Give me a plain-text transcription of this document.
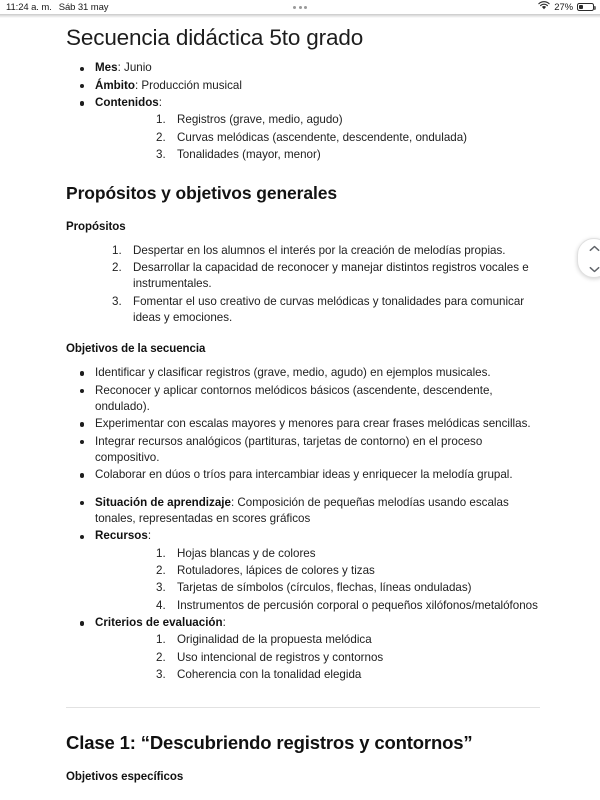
11:24 a. m. Sáb 31 may	27%
Secuencia didáctica 5to grado
Mes: Junio
Ámbito: Producción musical
Contenidos:
Registros (grave, medio, agudo)
Curvas melódicas (ascendente, descendente, ondulada)
Tonalidades (mayor, menor)
Propósitos y objetivos generales
Propósitos
Despertar en los alumnos el interés por la creación de melodías propias.
Desarrollar la capacidad de reconocer y manejar distintos registros vocales e instrumentales.
Fomentar el uso creativo de curvas melódicas y tonalidades para comunicar ideas y emociones.
Objetivos de la secuencia
Identificar y clasificar registros (grave, medio, agudo) en ejemplos musicales.
Reconocer y aplicar contornos melódicos básicos (ascendente, descendente, ondulado).
Experimentar con escalas mayores y menores para crear frases melódicas sencillas.
Integrar recursos analógicos (partituras, tarjetas de contorno) en el proceso compositivo.
Colaborar en dúos o tríos para intercambiar ideas y enriquecer la melodía grupal.
Situación de aprendizaje: Composición de pequeñas melodías usando escalas tonales, representadas en scores gráficos
Recursos:
Hojas blancas y de colores
Rotuladores, lápices de colores y tizas
Tarjetas de símbolos (círculos, flechas, líneas onduladas)
Instrumentos de percusión corporal o pequeños xilófonos/metalófonos
Criterios de evaluación:
Originalidad de la propuesta melódica
Uso intencional de registros y contornos
Coherencia con la tonalidad elegida
Clase 1: “Descubriendo registros y contornos”
Objetivos específicos
